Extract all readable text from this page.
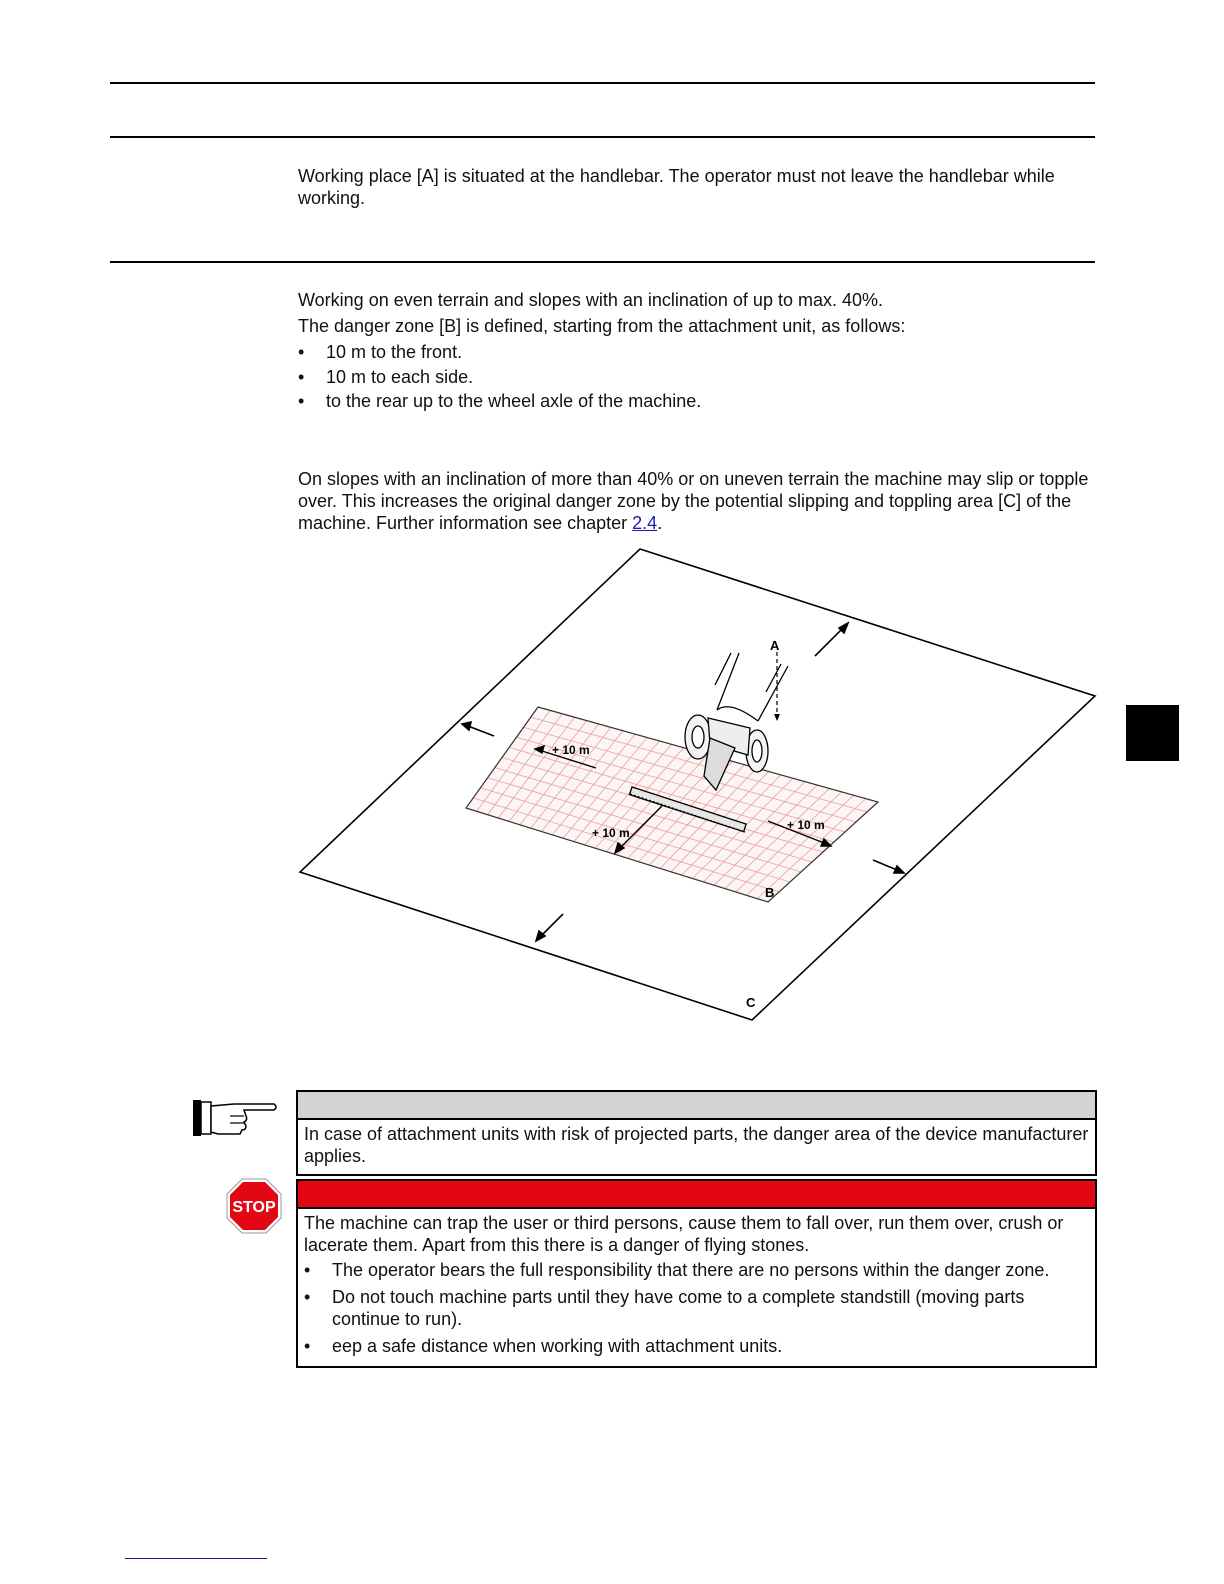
Working place [A] is situated at the handlebar. The operator must not leave the handlebar while working.

Working on even terrain and slopes with an inclination of up to max. 40%.

The danger zone [B] is defined, starting from the attachment unit, as follows:

• 10 m to the front.
• 10 m to each side.
• to the rear up to the wheel axle of the machine.

On slopes with an inclination of more than 40% or on uneven terrain the machine may slip or topple over. This increases the original danger zone by the potential slipping and toppling area [C] of the machine. Further information see chapter 2.4.

A
+ 10 m
+ 10 m
+ 10 m
B
C

In case of attachment units with risk of projected parts, the danger area of the device manufacturer applies.

STOP

The machine can trap the user or third persons, cause them to fall over, run them over, crush or lacerate them. Apart from this there is a danger of flying stones.

• The operator bears the full responsibility that there are no persons within the danger zone.
• Do not touch machine parts until they have come to a complete standstill (moving parts continue to run).
• eep a safe distance when working with attachment units.
